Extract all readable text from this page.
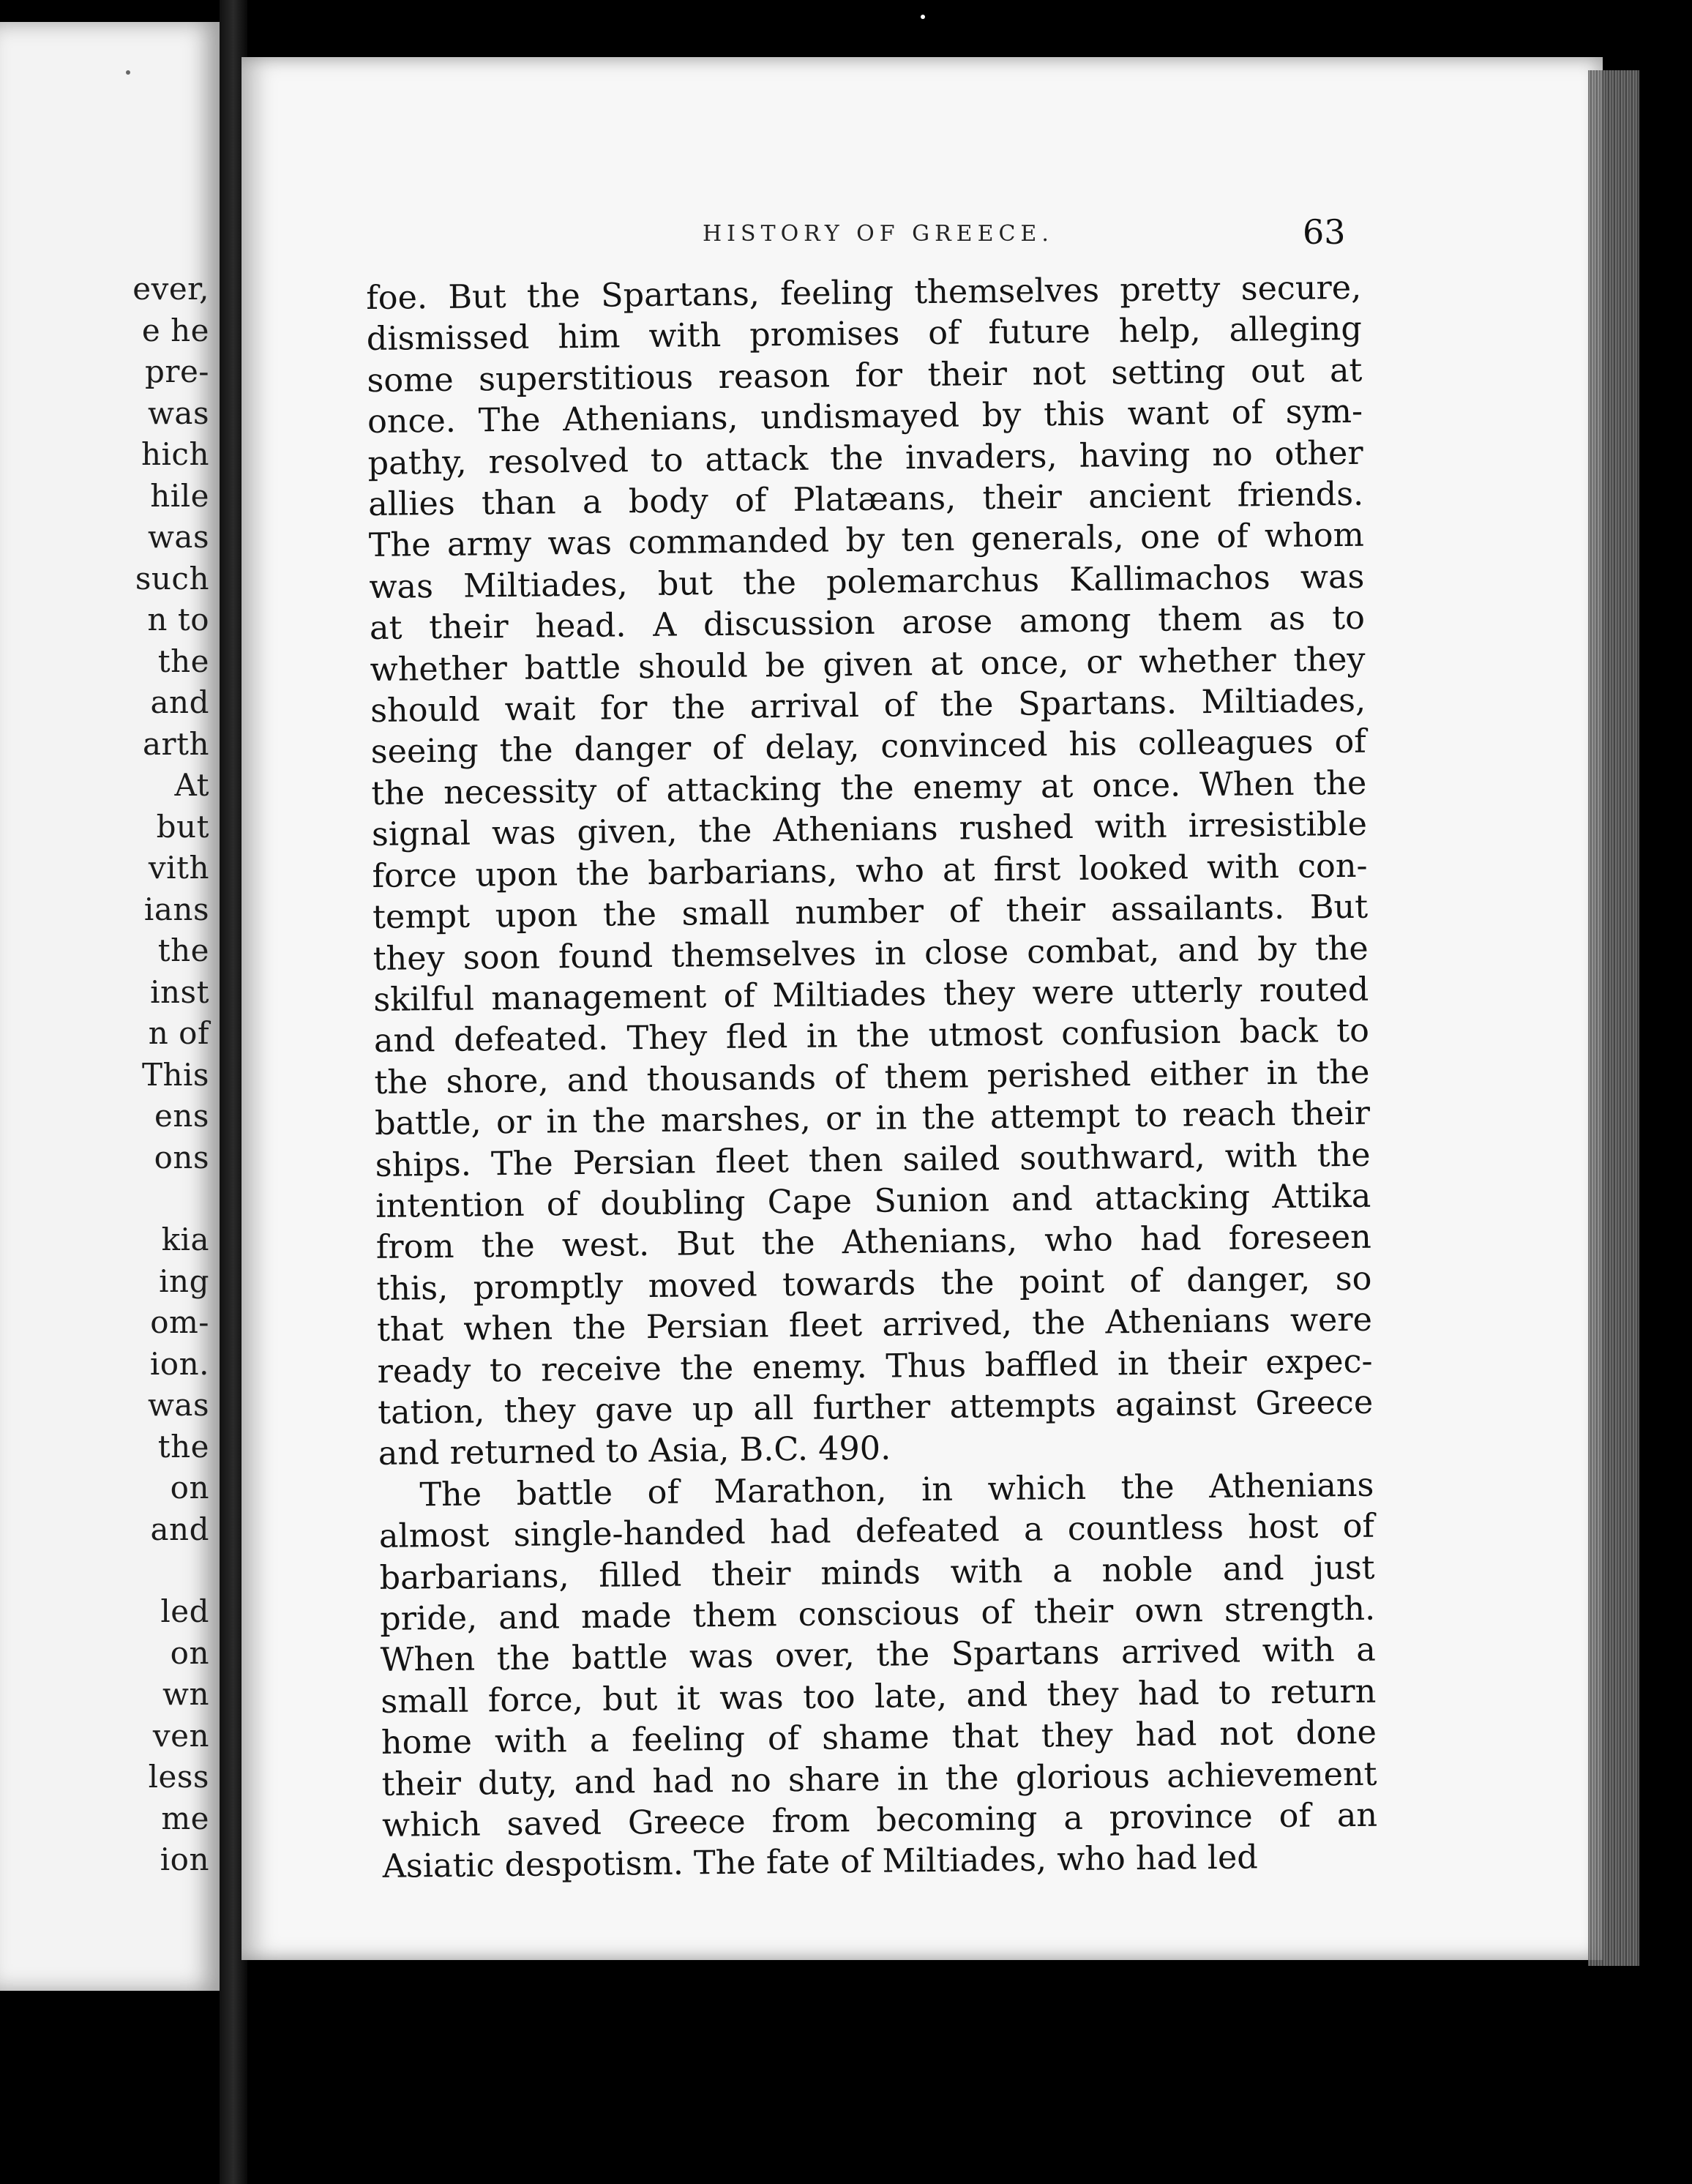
ever,
e he
pre-
was
hich
hile
was
such
n to
the
and
arth
At
but
vith
ians
the
inst
n of
This
ens
ons
kia
ing
om-
ion.
was
the
on
and
led
on
wn
ven
less
me
ion
HISTORY OF GREECE.	63
foe. But the Spartans, feeling themselves pretty secure,
dismissed him with promises of future help, alleging
some superstitious reason for their not setting out at
once. The Athenians, undismayed by this want of sym-
pathy, resolved to attack the invaders, having no other
allies than a body of Platæans, their ancient friends.
The army was commanded by ten generals, one of whom
was Miltiades, but the polemarchus Kallimachos was
at their head. A discussion arose among them as to
whether battle should be given at once, or whether they
should wait for the arrival of the Spartans. Miltiades,
seeing the danger of delay, convinced his colleagues of
the necessity of attacking the enemy at once. When the
signal was given, the Athenians rushed with irresistible
force upon the barbarians, who at first looked with con-
tempt upon the small number of their assailants. But
they soon found themselves in close combat, and by the
skilful management of Miltiades they were utterly routed
and defeated. They fled in the utmost confusion back to
the shore, and thousands of them perished either in the
battle, or in the marshes, or in the attempt to reach their
ships. The Persian fleet then sailed southward, with the
intention of doubling Cape Sunion and attacking Attika
from the west. But the Athenians, who had foreseen
this, promptly moved towards the point of danger, so
that when the Persian fleet arrived, the Athenians were
ready to receive the enemy. Thus baffled in their expec-
tation, they gave up all further attempts against Greece
and returned to Asia, B.C. 490.
The battle of Marathon, in which the Athenians
almost single-handed had defeated a countless host of
barbarians, filled their minds with a noble and just
pride, and made them conscious of their own strength.
When the battle was over, the Spartans arrived with a
small force, but it was too late, and they had to return
home with a feeling of shame that they had not done
their duty, and had no share in the glorious achievement
which saved Greece from becoming a province of an
Asiatic despotism. The fate of Miltiades, who had led
